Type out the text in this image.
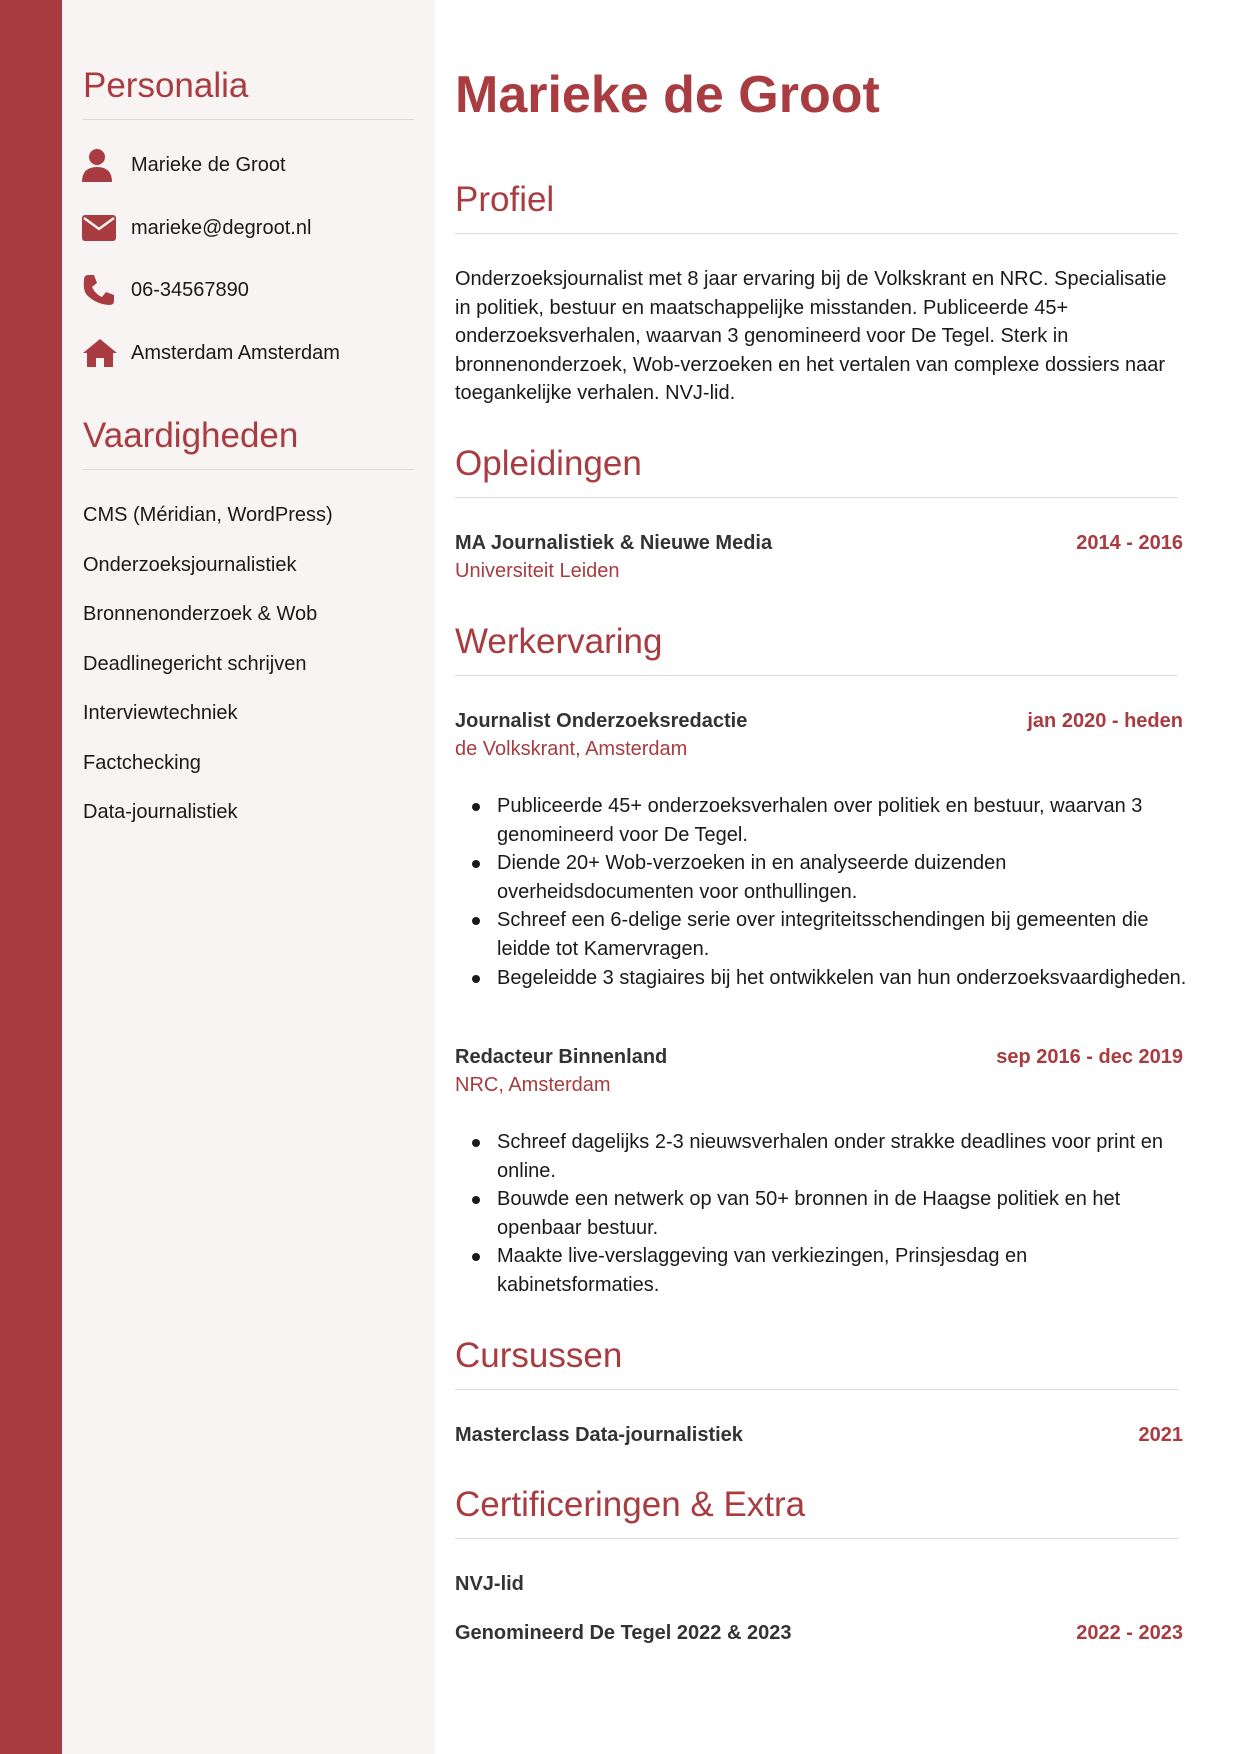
Personalia
Marieke de Groot
marieke@degroot.nl
06-34567890
Amsterdam Amsterdam
Vaardigheden
CMS (Méridian, WordPress)
Onderzoeksjournalistiek
Bronnenonderzoek & Wob
Deadlinegericht schrijven
Interviewtechniek
Factchecking
Data-journalistiek
Marieke de Groot
Profiel

Onderzoeksjournalist met 8 jaar ervaring bij de Volkskrant en NRC. Specialisatie in politiek, bestuur en maatschappelijke misstanden. Publiceerde 45+ onderzoeksverhalen, waarvan 3 genomineerd voor De Tegel. Sterk in bronnenonderzoek, Wob-verzoeken en het vertalen van complexe dossiers naar toegankelijke verhalen. NVJ-lid.

Opleidingen
MA Journalistiek & Nieuwe Media	2014 - 2016
Universiteit Leiden
Werkervaring
Journalist Onderzoeksredactie	jan 2020 - heden
de Volkskrant, Amsterdam
Publiceerde 45+ onderzoeksverhalen over politiek en bestuur, waarvan 3 genomineerd voor De Tegel.
Diende 20+ Wob-verzoeken in en analyseerde duizenden overheidsdocumenten voor onthullingen.
Schreef een 6-delige serie over integriteitsschendingen bij gemeenten die leidde tot Kamervragen.
Begeleidde 3 stagiaires bij het ontwikkelen van hun onderzoeksvaardigheden.
Redacteur Binnenland	sep 2016 - dec 2019
NRC, Amsterdam
Schreef dagelijks 2-3 nieuwsverhalen onder strakke deadlines voor print en online.
Bouwde een netwerk op van 50+ bronnen in de Haagse politiek en het openbaar bestuur.
Maakte live-verslaggeving van verkiezingen, Prinsjesdag en kabinetsformaties.
Cursussen
Masterclass Data-journalistiek	2021
Certificeringen & Extra
NVJ-lid
Genomineerd De Tegel 2022 & 2023	2022 - 2023
